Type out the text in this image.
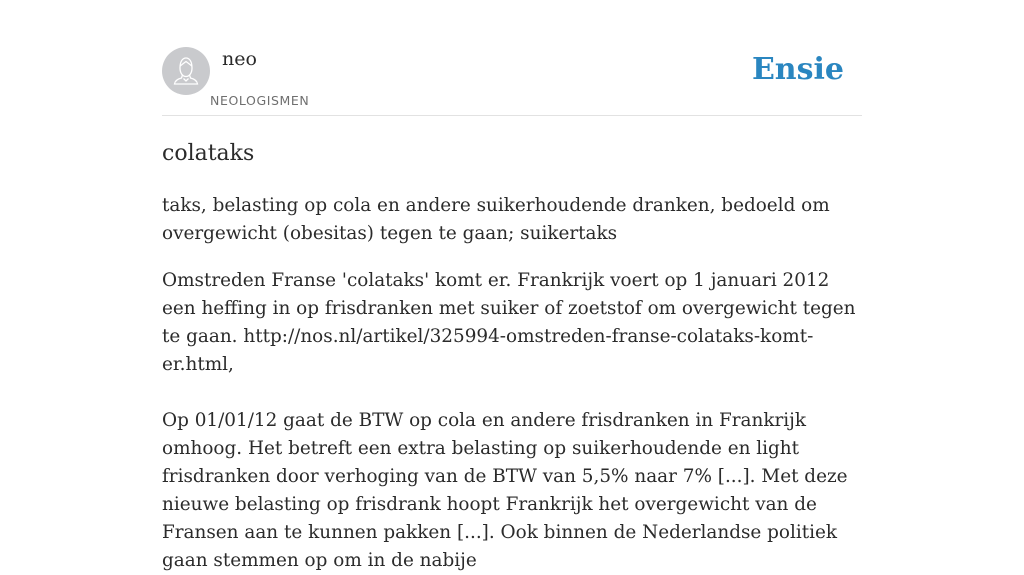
neo
NEOLOGISMEN
Ensie
colataks
taks, belasting op cola en andere suikerhoudende dranken, bedoeld om overgewicht (obesitas) tegen te gaan; suikertaks

Omstreden Franse 'colataks' komt er. Frankrijk voert op 1 januari 2012 een heffing in op frisdranken met suiker of zoetstof om overgewicht tegen te gaan. http://nos.nl/artikel/325994-omstreden-franse-colataks-komt-er.html,

Op 01/01/12 gaat de BTW op cola en andere frisdranken in Frankrijk omhoog. Het betreft een extra belasting op suikerhoudende en light frisdranken door verhoging van de BTW van 5,5% naar 7% [...]. Met deze nieuwe belasting op frisdrank hoopt Frankrijk het overgewicht van de Fransen aan te kunnen pakken [...]. Ook binnen de Nederlandse politiek gaan stemmen op om in de nabije
